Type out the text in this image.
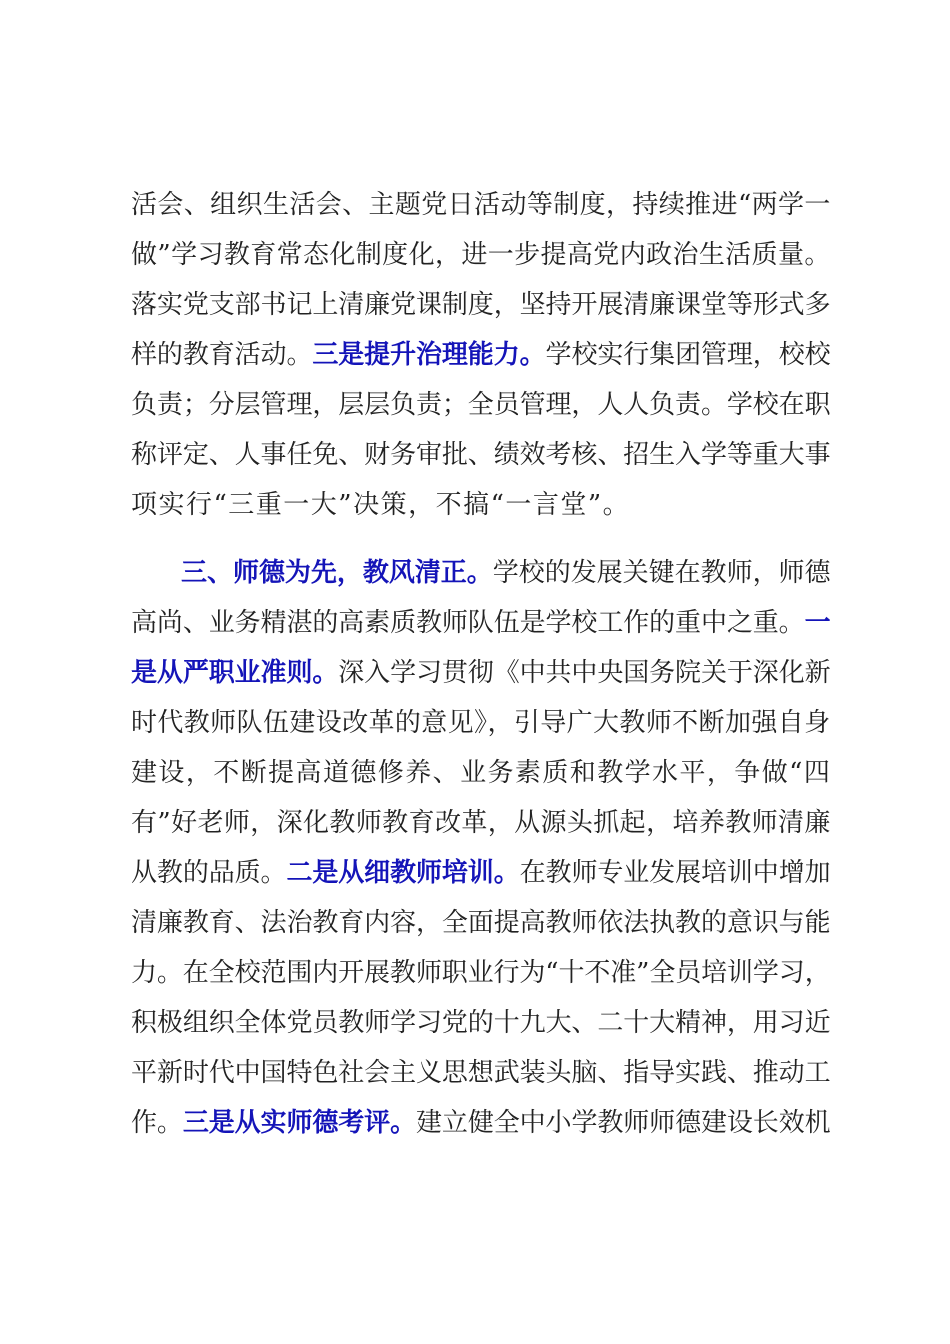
活会、组织生活会、主题党日活动等制度，持续推进“两学一
做”学习教育常态化制度化，进一步提高党内政治生活质量。
落实党支部书记上清廉党课制度，坚持开展清廉课堂等形式多
样的教育活动。三是提升治理能力。学校实行集团管理，校校
负责；分层管理，层层负责；全员管理，人人负责。学校在职
称评定、人事任免、财务审批、绩效考核、招生入学等重大事
项实行“三重一大”决策，不搞“一言堂”。
三、师德为先，教风清正。学校的发展关键在教师，师德
高尚、业务精湛的高素质教师队伍是学校工作的重中之重。一
是从严职业准则。深入学习贯彻《中共中央国务院关于深化新
时代教师队伍建设改革的意见》，引导广大教师不断加强自身
建设，不断提高道德修养、业务素质和教学水平，争做“四
有”好老师，深化教师教育改革，从源头抓起，培养教师清廉
从教的品质。二是从细教师培训。在教师专业发展培训中增加
清廉教育、法治教育内容，全面提高教师依法执教的意识与能
力。在全校范围内开展教师职业行为“十不准”全员培训学习，
积极组织全体党员教师学习党的十九大、二十大精神，用习近
平新时代中国特色社会主义思想武装头脑、指导实践、推动工
作。三是从实师德考评。建立健全中小学教师师德建设长效机
